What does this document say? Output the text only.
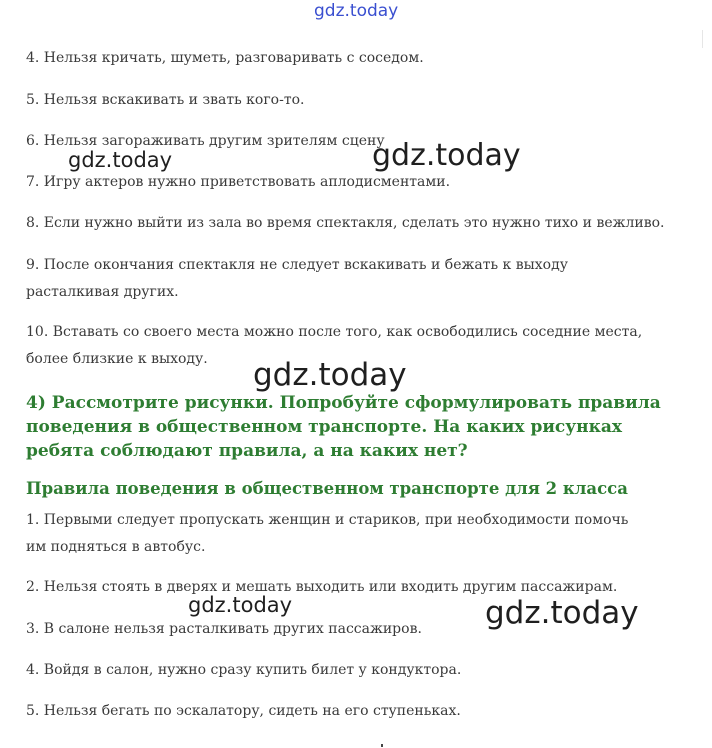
4. Нельзя кричать, шуметь, разговаривать с соседом.

5. Нельзя вскакивать и звать кого-то.

6. Нельзя загораживать другим зрителям сцену

7. Игру актеров нужно приветствовать аплодисментами.

8. Если нужно выйти из зала во время спектакля, сделать это нужно тихо и вежливо.

9. После окончания спектакля не следует вскакивать и бежать к выходу расталкивая других.

10. Вставать со своего места можно после того, как освободились соседние места, более близкие к выходу.

4) Рассмотрите рисунки. Попробуйте сформулировать правила поведения в общественном транспорте. На каких рисунках ребята соблюдают правила, а на каких нет?
Правила поведения в общественном транспорте для 2 класса

1. Первыми следует пропускать женщин и стариков, при необходимости помочь им подняться в автобус.

2. Нельзя стоять в дверях и мешать выходить или входить другим пассажирам.

3. В салоне нельзя расталкивать других пассажиров.

4. Войдя в салон, нужно сразу купить билет у кондуктора.

5. Нельзя бегать по эскалатору, сидеть на его ступеньках.

gdz.today
gdz.today	gdz.today
gdz.today
gdz.today	gdz.today
